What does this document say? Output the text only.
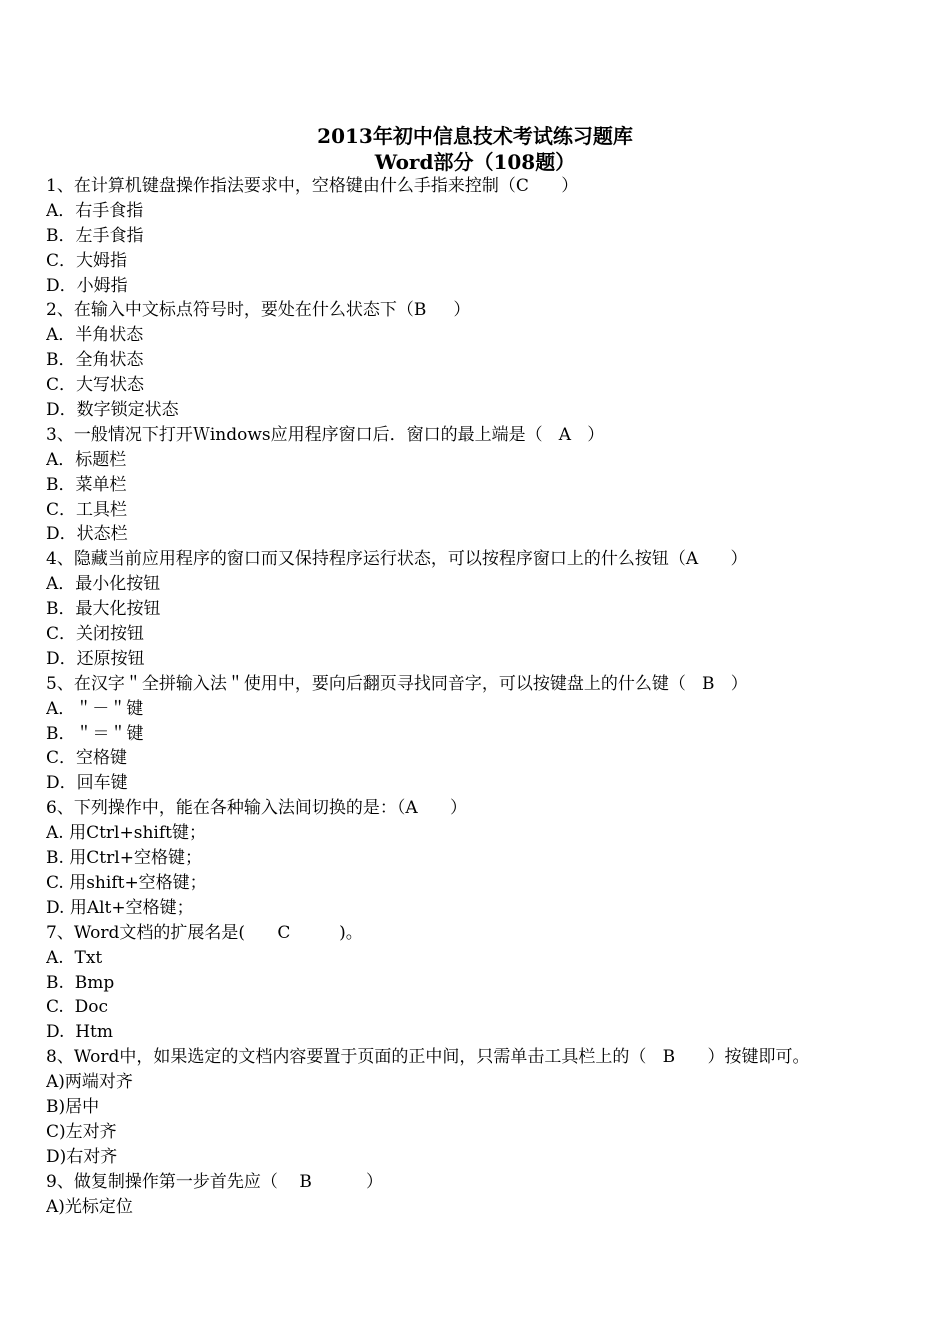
2013年初中信息技术考试练习题库
Word部分（108题）
1、在计算机键盘操作指法要求中，空格键由什么手指来控制（C      ）
A．右手食指
B．左手食指
C．大姆指
D．小姆指
2、在输入中文标点符号时，要处在什么状态下（B     ）
A．半角状态
B．全角状态
C．大写状态
D．数字锁定状态
3、一般情况下打开Ｗindows应用程序窗口后．窗口的最上端是（   A   ）
A．标题栏
B．菜单栏
C．工具栏
D．状态栏
4、隐藏当前应用程序的窗口而又保持程序运行状态，可以按程序窗口上的什么按钮（A      ）
A．最小化按钮
B．最大化按钮
C．关闭按钮
D．还原按钮
5、在汉字＂全拼输入法＂使用中，要向后翻页寻找同音字，可以按键盘上的什么键（   B   ）
A．＂－＂键
B．＂＝＂键
C．空格键
D．回车键
6、下列操作中，能在各种输入法间切换的是：（A      ）
A. 用Ctrl+shift键；
B. 用Ctrl+空格键；
C. 用shift+空格键；
D. 用Alt+空格键；
7、Word文档的扩展名是(      C         )。
A.  Txt
B.  Bmp
C.  Doc
D.  Htm
8、Word中，如果选定的文档内容要置于页面的正中间，只需单击工具栏上的（   B      ）按键即可。
A)两端对齐
B)居中
C)左对齐
D)右对齐
9、做复制操作第一步首先应（    B          ）
A)光标定位
